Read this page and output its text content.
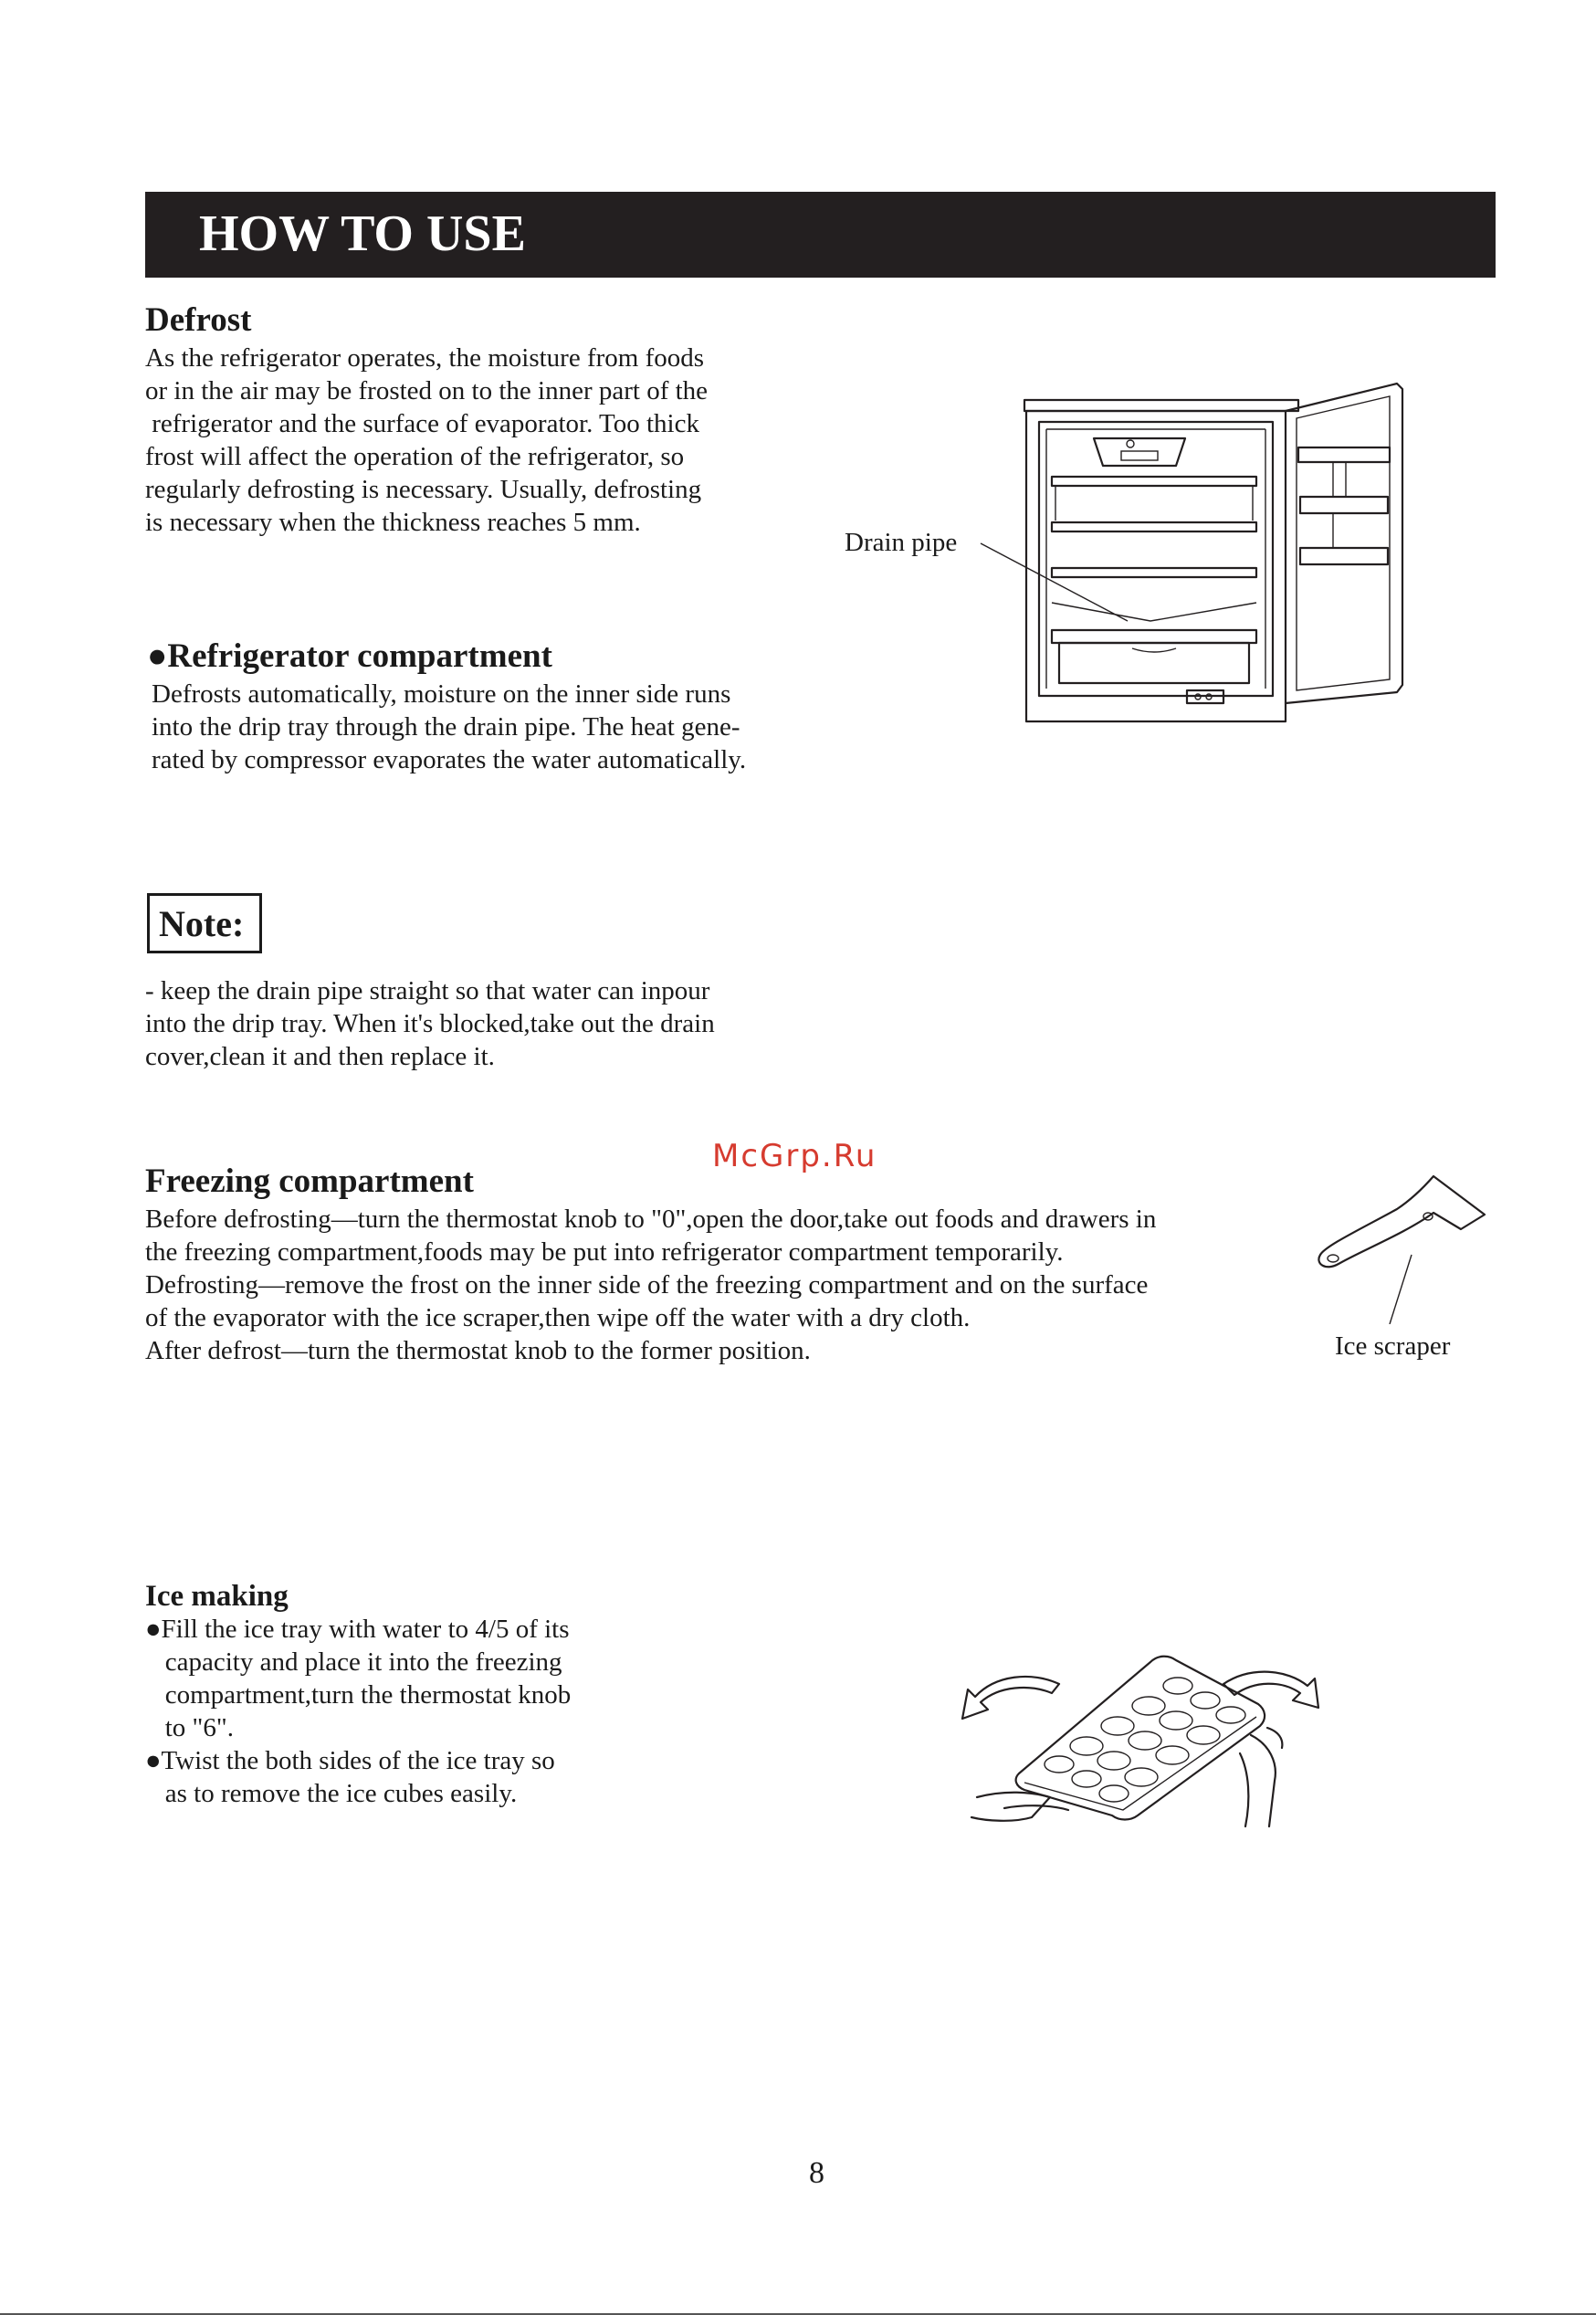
HOW TO USE
Defrost
As the refrigerator operates, the moisture from foods
or in the air may be frosted on to the inner part of the
refrigerator and the surface of evaporator. Too thick
frost will affect the operation of the refrigerator, so
regularly defrosting is necessary. Usually, defrosting
is necessary when the thickness reaches 5 mm.
●Refrigerator compartment
Defrosts automatically, moisture on the inner side runs
into the drip tray through the drain pipe. The heat gene-
rated by compressor evaporates the water automatically.
Drain pipe
Note:
- keep the drain pipe straight so that water can inpour
into the drip tray. When it's blocked,take out the drain
cover,clean it and then replace it.
McGrp.Ru
Freezing compartment
Before defrosting—turn the thermostat knob to "0",open the door,take out foods and drawers in
the freezing compartment,foods may be put into refrigerator compartment temporarily.
Defrosting—remove the frost on the inner side of the freezing compartment and on the surface
of the evaporator with the ice scraper,then wipe off the water with a dry cloth.
After defrost—turn the thermostat knob to the former position.	Ice scraper
Ice making
●Fill the ice tray with water to 4/5 of its
capacity and place it into the freezing
compartment,turn the thermostat knob
to "6".
●Twist the both sides of the ice tray so
as to remove the ice cubes easily.
8
